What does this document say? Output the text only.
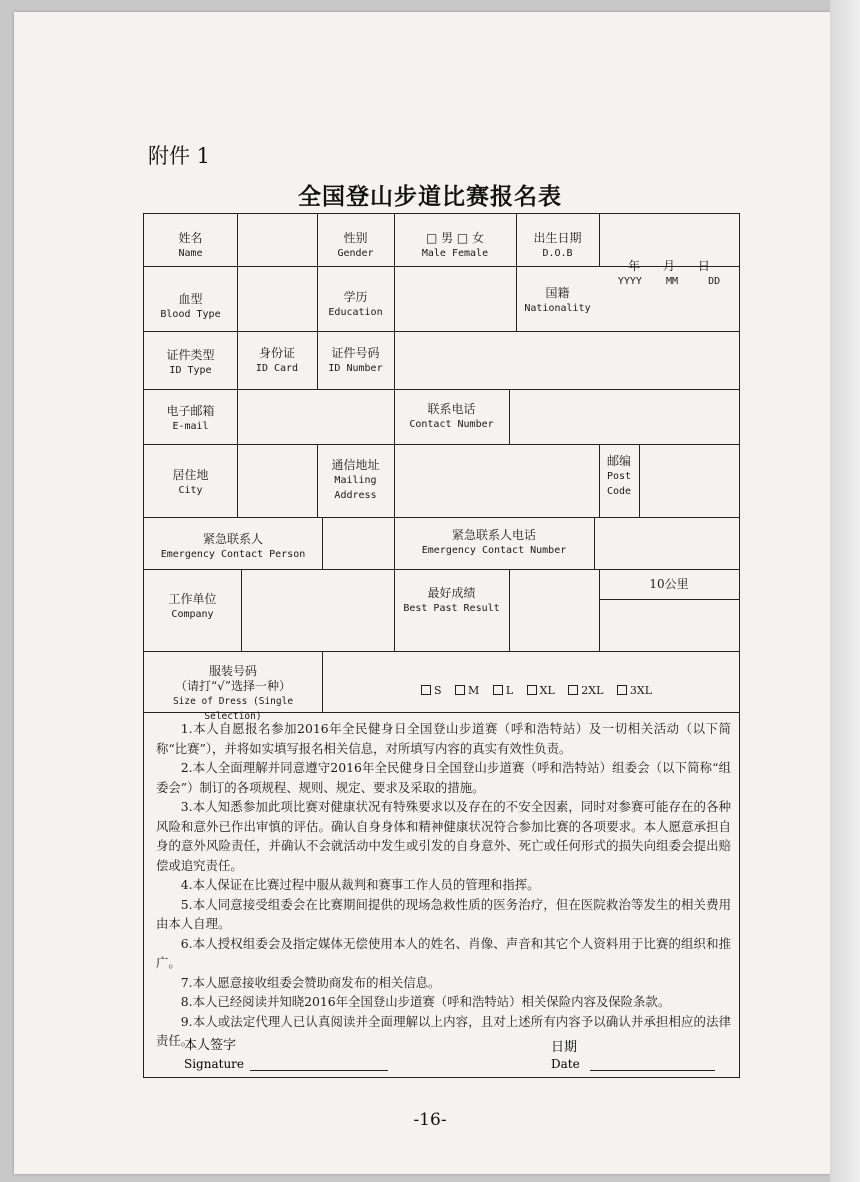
附件 1
全国登山步道比赛报名表
姓名
Name
性别
Gender
□ 男 □ 女
Male Female
出生日期
D.O.B

年      月      日
YYYY    MM     DD
血型
Blood Type
学历
Education
国籍
Nationality
证件类型
ID Type
身份证
ID Card
证件号码
ID Number
电子邮箱
E-mail
联系电话
Contact Number
居住地
City
通信地址
Mailing
Address
邮编
Post
Code
紧急联系人
Emergency Contact Person
紧急联系人电话
Emergency Contact Number
工作单位
Company
最好成绩
Best Past Result
10公里
服装号码
（请打“√”选择一种）
Size of Dress (Single Selection)
S M L XL 2XL 3XL

1.本人自愿报名参加2016年全民健身日全国登山步道赛（呼和浩特站）及一切相关活动（以下简称“比赛”），并将如实填写报名相关信息，对所填写内容的真实有效性负责。

2.本人全面理解并同意遵守2016年全民健身日全国登山步道赛（呼和浩特站）组委会（以下简称“组委会”）制订的各项规程、规则、规定、要求及采取的措施。

3.本人知悉参加此项比赛对健康状况有特殊要求以及存在的不安全因素，同时对参赛可能存在的各种风险和意外已作出审慎的评估。确认自身身体和精神健康状况符合参加比赛的各项要求。本人愿意承担自身的意外风险责任，并确认不会就活动中发生或引发的自身意外、死亡或任何形式的损失向组委会提出赔偿或追究责任。

4.本人保证在比赛过程中服从裁判和赛事工作人员的管理和指挥。

5.本人同意接受组委会在比赛期间提供的现场急救性质的医务治疗，但在医院救治等发生的相关费用由本人自理。

6.本人授权组委会及指定媒体无偿使用本人的姓名、肖像、声音和其它个人资料用于比赛的组织和推广。

7.本人愿意接收组委会赞助商发布的相关信息。

8.本人已经阅读并知晓2016年全国登山步道赛（呼和浩特站）相关保险内容及保险条款。

9.本人或法定代理人已认真阅读并全面理解以上内容，且对上述所有内容予以确认并承担相应的法律责任。

本人签字
Signature
日期
Date
-16-
